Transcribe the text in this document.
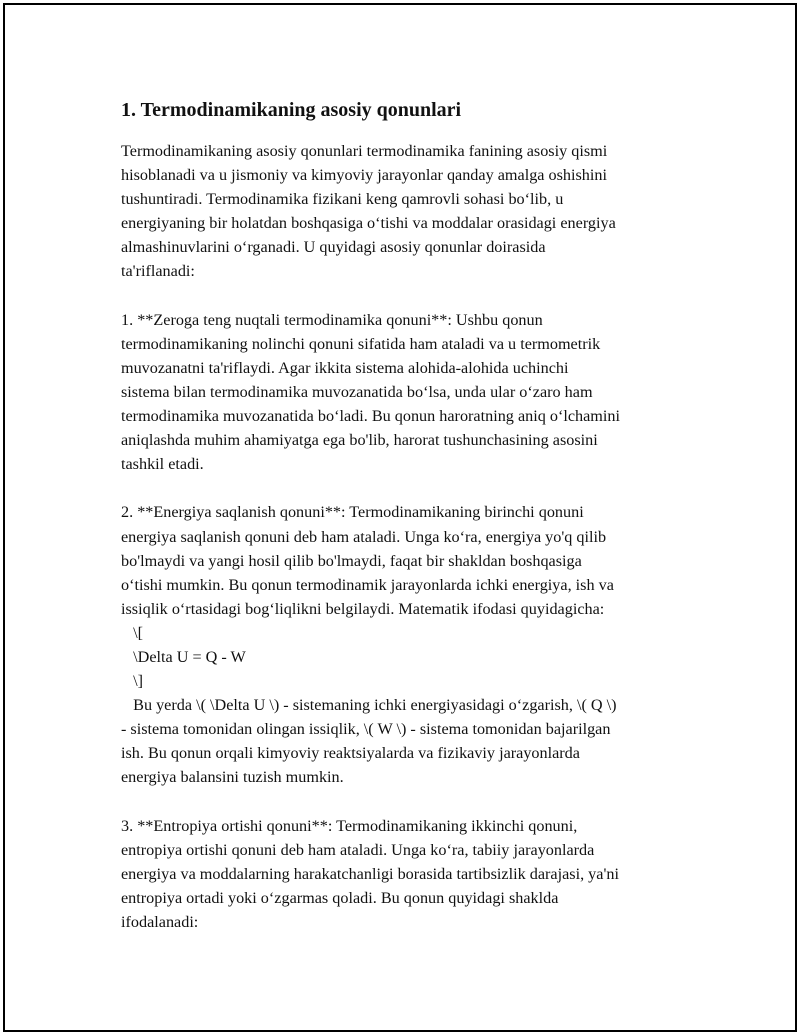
1. Termodinamikaning asosiy qonunlari

Termodinamikaning asosiy qonunlari termodinamika fanining asosiy qismi
hisoblanadi va u jismoniy va kimyoviy jarayonlar qanday amalga oshishini
tushuntiradi. Termodinamika fizikani keng qamrovli sohasi bo‘lib, u
energiyaning bir holatdan boshqasiga o‘tishi va moddalar orasidagi energiya
almashinuvlarini o‘rganadi. U quyidagi asosiy qonunlar doirasida
ta'riflanadi:

1. **Zeroga teng nuqtali termodinamika qonuni**: Ushbu qonun
termodinamikaning nolinchi qonuni sifatida ham ataladi va u termometrik
muvozanatni ta'riflaydi. Agar ikkita sistema alohida-alohida uchinchi
sistema bilan termodinamika muvozanatida bo‘lsa, unda ular o‘zaro ham
termodinamika muvozanatida bo‘ladi. Bu qonun haroratning aniq o‘lchamini
aniqlashda muhim ahamiyatga ega bo'lib, harorat tushunchasining asosini
tashkil etadi.

2. **Energiya saqlanish qonuni**: Termodinamikaning birinchi qonuni
energiya saqlanish qonuni deb ham ataladi. Unga ko‘ra, energiya yo'q qilib
bo'lmaydi va yangi hosil qilib bo'lmaydi, faqat bir shakldan boshqasiga
o‘tishi mumkin. Bu qonun termodinamik jarayonlarda ichki energiya, ish va
issiqlik o‘rtasidagi bog‘liqlikni belgilaydi. Matematik ifodasi quyidagicha:
\[
\Delta U = Q - W
\]
Bu yerda \( \Delta U \) - sistemaning ichki energiyasidagi o‘zgarish, \( Q \)
- sistema tomonidan olingan issiqlik, \( W \) - sistema tomonidan bajarilgan
ish. Bu qonun orqali kimyoviy reaktsiyalarda va fizikaviy jarayonlarda
energiya balansini tuzish mumkin.

3. **Entropiya ortishi qonuni**: Termodinamikaning ikkinchi qonuni,
entropiya ortishi qonuni deb ham ataladi. Unga ko‘ra, tabiiy jarayonlarda
energiya va moddalarning harakatchanligi borasida tartibsizlik darajasi, ya'ni
entropiya ortadi yoki o‘zgarmas qoladi. Bu qonun quyidagi shaklda
ifodalanadi:
